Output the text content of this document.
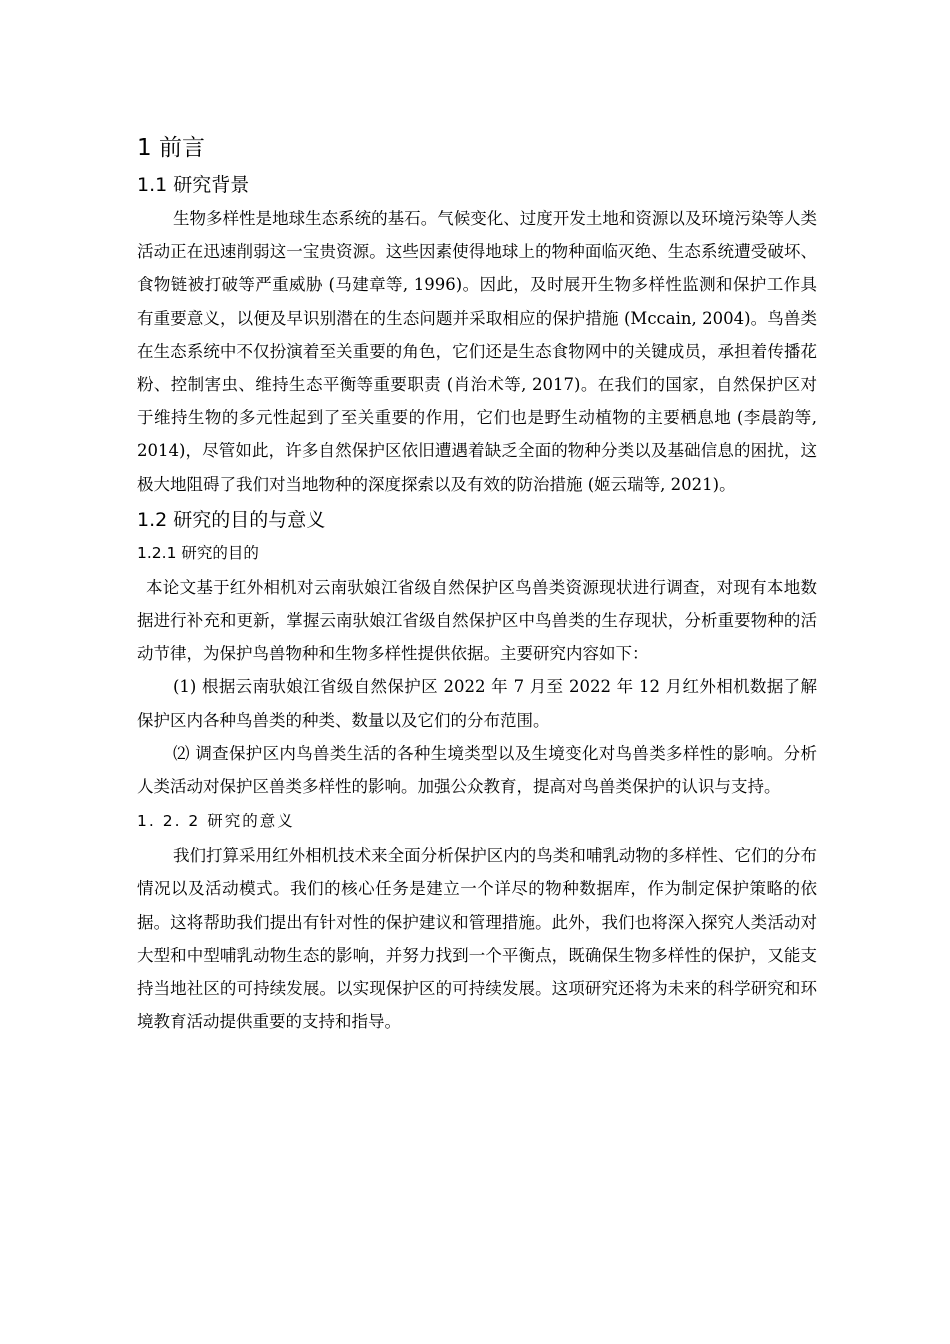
1 前言
1.1 研究背景

生物多样性是地球生态系统的基石。气候变化、过度开发土地和资源以及环境污染等人类活动正在迅速削弱这一宝贵资源。这些因素使得地球上的物种面临灭绝、生态系统遭受破坏、食物链被打破等严重威胁 (马建章等, 1996)。因此，及时展开生物多样性监测和保护工作具有重要意义，以便及早识别潜在的生态问题并采取相应的保护措施 (Mccain, 2004)。鸟兽类在生态系统中不仅扮演着至关重要的角色，它们还是生态食物网中的关键成员，承担着传播花粉、控制害虫、维持生态平衡等重要职责 (肖治术等, 2017)。在我们的国家，自然保护区对于维持生物的多元性起到了至关重要的作用，它们也是野生动植物的主要栖息地 (李晨韵等, 2014)，尽管如此，许多自然保护区依旧遭遇着缺乏全面的物种分类以及基础信息的困扰，这极大地阻碍了我们对当地物种的深度探索以及有效的防治措施 (姬云瑞等, 2021)。

1.2 研究的目的与意义
1.2.1 研究的目的

本论文基于红外相机对云南驮娘江省级自然保护区鸟兽类资源现状进行调查，对现有本地数据进行补充和更新，掌握云南驮娘江省级自然保护区中鸟兽类的生存现状，分析重要物种的活动节律，为保护鸟兽物种和生物多样性提供依据。主要研究内容如下：

(1) 根据云南驮娘江省级自然保护区 2022 年 7 月至 2022 年 12 月红外相机数据了解保护区内各种鸟兽类的种类、数量以及它们的分布范围。

⑵ 调查保护区内鸟兽类生活的各种生境类型以及生境变化对鸟兽类多样性的影响。分析人类活动对保护区兽类多样性的影响。加强公众教育，提高对鸟兽类保护的认识与支持。

1. 2. 2 研究的意义

我们打算采用红外相机技术来全面分析保护区内的鸟类和哺乳动物的多样性、它们的分布情况以及活动模式。我们的核心任务是建立一个详尽的物种数据库，作为制定保护策略的依据。这将帮助我们提出有针对性的保护建议和管理措施。此外，我们也将深入探究人类活动对大型和中型哺乳动物生态的影响，并努力找到一个平衡点，既确保生物多样性的保护，又能支持当地社区的可持续发展。以实现保护区的可持续发展。这项研究还将为未来的科学研究和环境教育活动提供重要的支持和指导。
